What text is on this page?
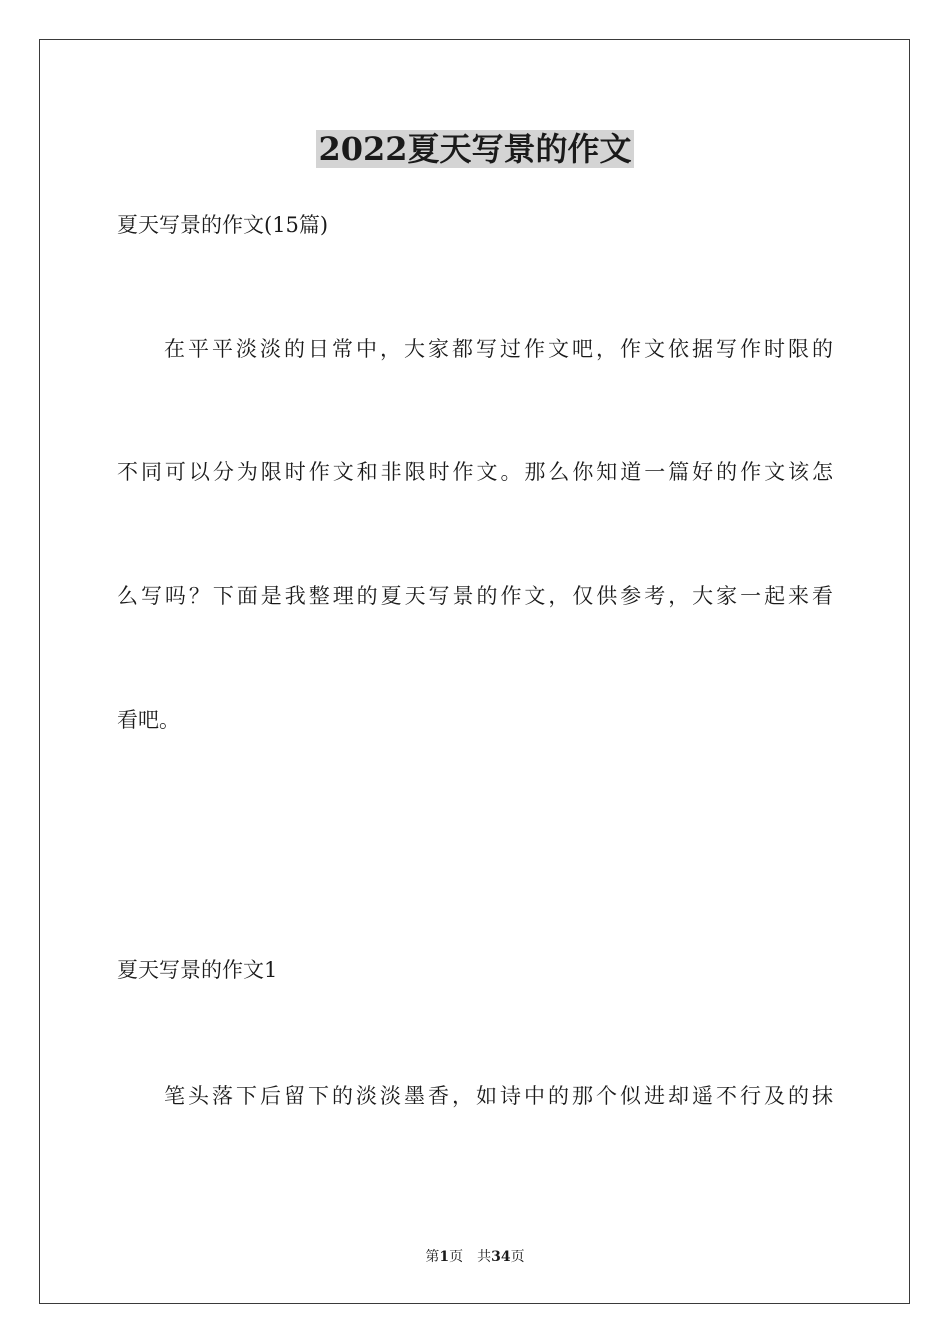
2022夏天写景的作文

夏天写景的作文(15篇)

在平平淡淡的日常中，大家都写过作文吧，作文依据写作时限的

不同可以分为限时作文和非限时作文。那么你知道一篇好的作文该怎

么写吗？下面是我整理的夏天写景的作文，仅供参考，大家一起来看

看吧。

夏天写景的作文1

笔头落下后留下的淡淡墨香，如诗中的那个似进却遥不行及的抹

第1页 共34页
